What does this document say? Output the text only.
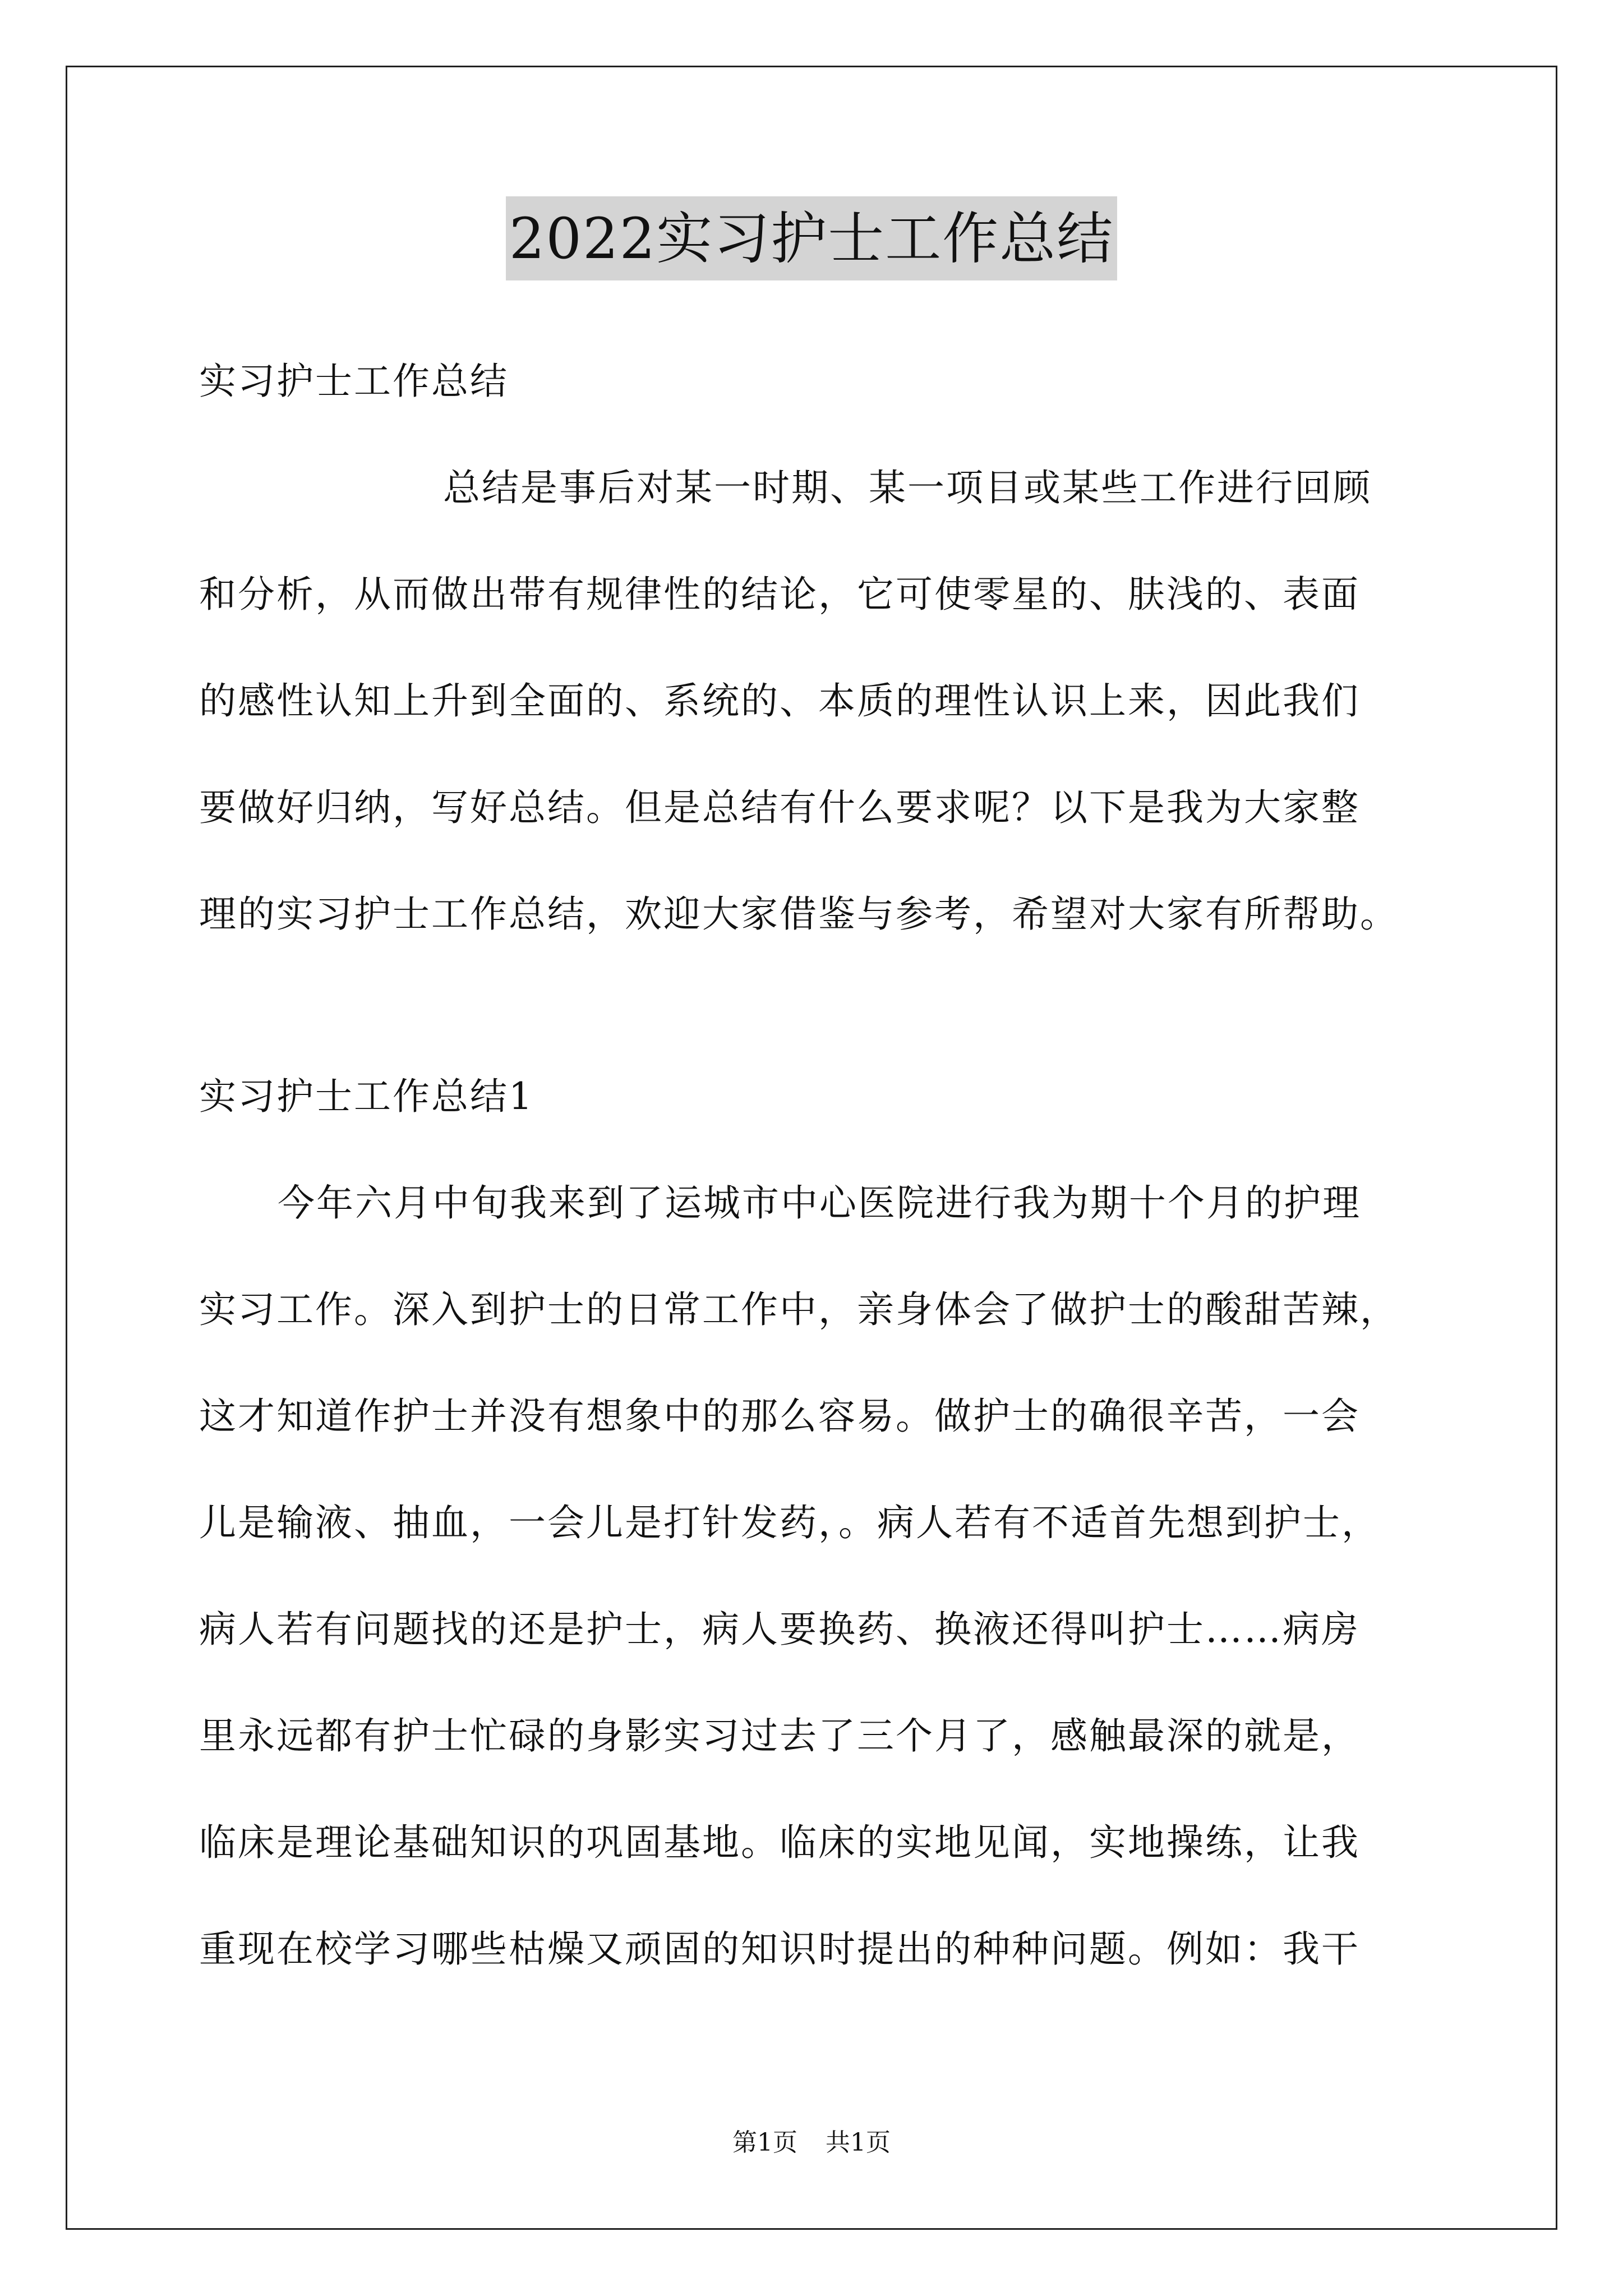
2022实习护士工作总结
实习护士工作总结
总结是事后对某一时期、某一项目或某些工作进行回顾
和分析，从而做出带有规律性的结论，它可使零星的、肤浅的、表面
的感性认知上升到全面的、系统的、本质的理性认识上来，因此我们
要做好归纳，写好总结。但是总结有什么要求呢？以下是我为大家整
理的实习护士工作总结，欢迎大家借鉴与参考，希望对大家有所帮助。
实习护士工作总结1
今年六月中旬我来到了运城市中心医院进行我为期十个月的护理
实习工作。深入到护士的日常工作中，亲身体会了做护士的酸甜苦辣，
这才知道作护士并没有想象中的那么容易。做护士的确很辛苦，一会
儿是输液、抽血，一会儿是打针发药，。病人若有不适首先想到护士，
病人若有问题找的还是护士，病人要换药、换液还得叫护士……病房
里永远都有护士忙碌的身影实习过去了三个月了，感触最深的就是，
临床是理论基础知识的巩固基地。临床的实地见闻，实地操练，让我
重现在校学习哪些枯燥又顽固的知识时提出的种种问题。例如：我干
第1页 共1页
